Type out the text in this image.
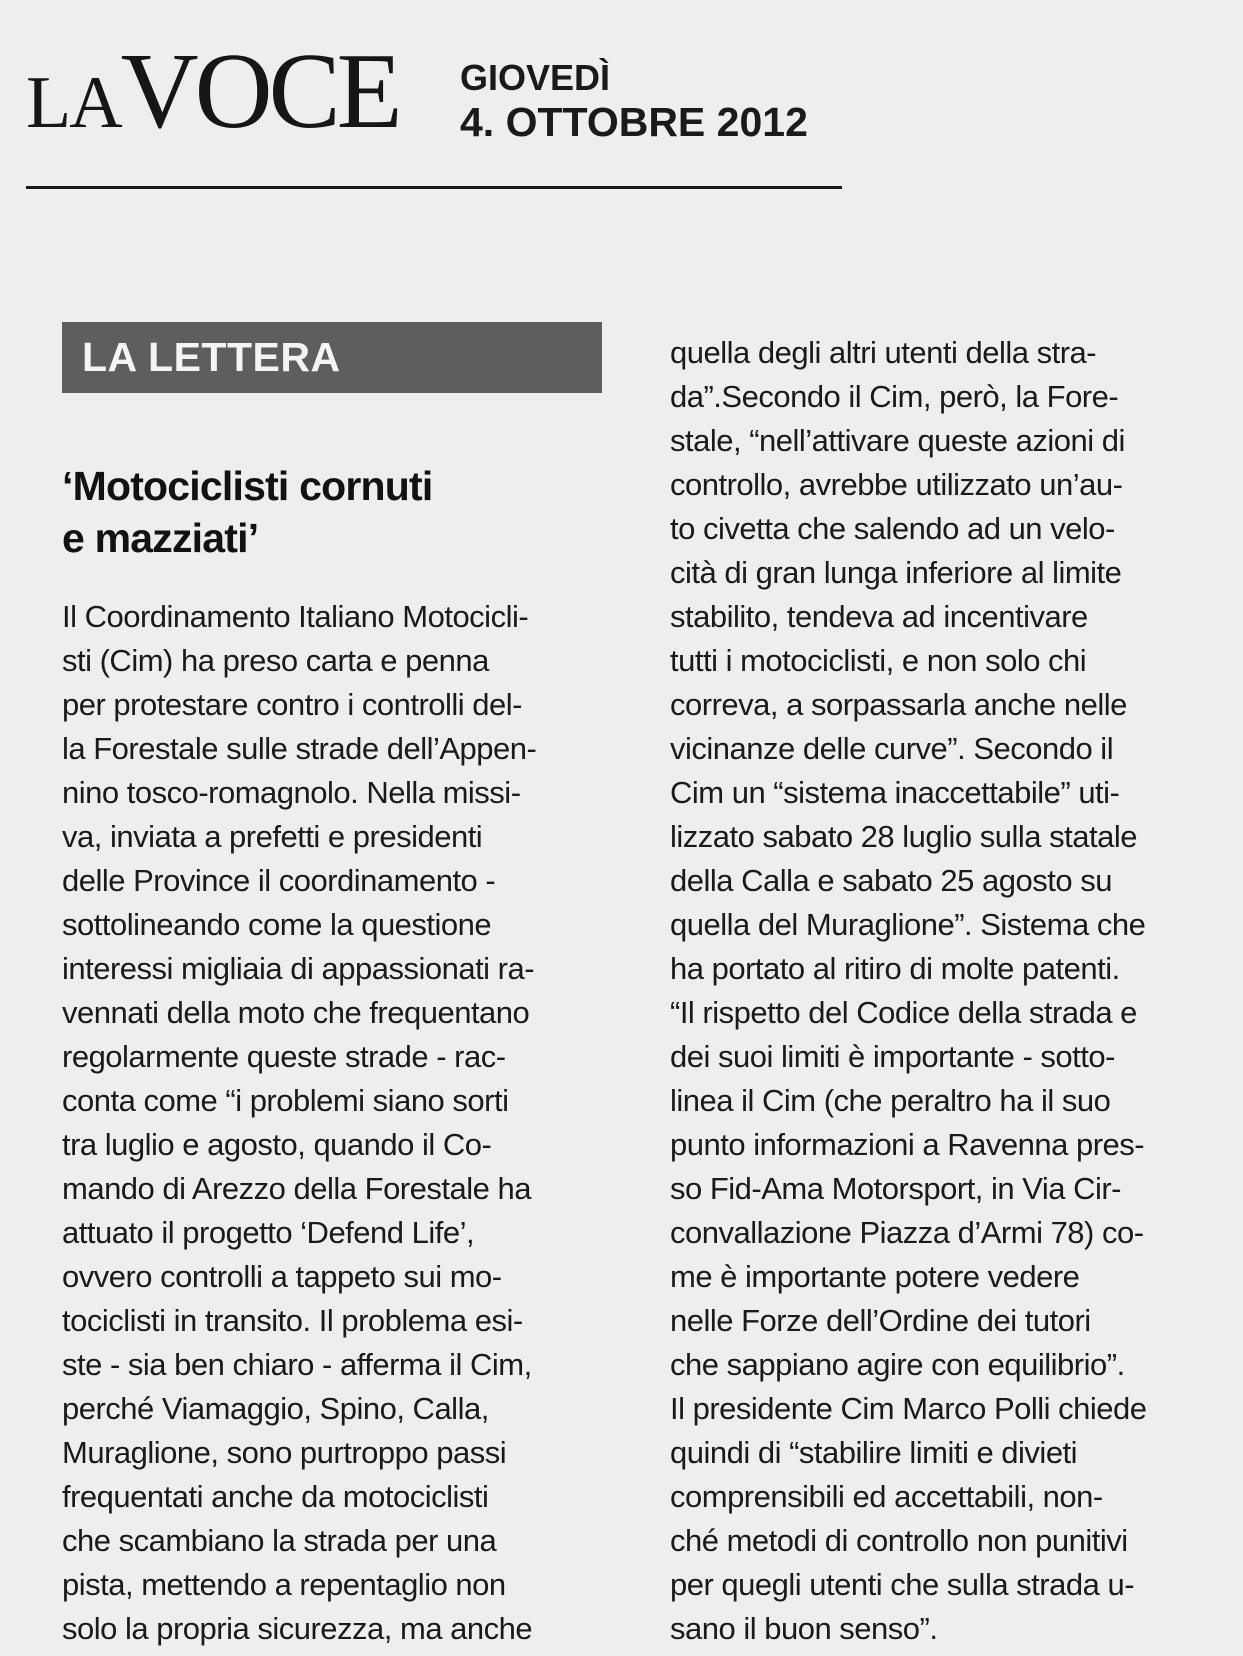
LAVOCE GIOVEDÌ
4. OTTOBRE 2012
LA LETTERA
‘Motociclisti cornuti
e mazziati’
Il Coordinamento Italiano Motocicli-
sti (Cim) ha preso carta e penna
per protestare contro i controlli del-
la Forestale sulle strade dell’Appen-
nino tosco-romagnolo. Nella missi-
va, inviata a prefetti e presidenti
delle Province il coordinamento -
sottolineando come la questione
interessi migliaia di appassionati ra-
vennati della moto che frequentano
regolarmente queste strade - rac-
conta come “i problemi siano sorti
tra luglio e agosto, quando il Co-
mando di Arezzo della Forestale ha
attuato il progetto ‘Defend Life’,
ovvero controlli a tappeto sui mo-
tociclisti in transito. Il problema esi-
ste - sia ben chiaro - afferma il Cim,
perché Viamaggio, Spino, Calla,
Muraglione, sono purtroppo passi
frequentati anche da motociclisti
che scambiano la strada per una
pista, mettendo a repentaglio non
solo la propria sicurezza, ma anche
quella degli altri utenti della stra-
da”.Secondo il Cim, però, la Fore-
stale, “nell’attivare queste azioni di
controllo, avrebbe utilizzato un’au-
to civetta che salendo ad un velo-
cità di gran lunga inferiore al limite
stabilito, tendeva ad incentivare
tutti i motociclisti, e non solo chi
correva, a sorpassarla anche nelle
vicinanze delle curve”. Secondo il
Cim un “sistema inaccettabile” uti-
lizzato sabato 28 luglio sulla statale
della Calla e sabato 25 agosto su
quella del Muraglione”. Sistema che
ha portato al ritiro di molte patenti.
“Il rispetto del Codice della strada e
dei suoi limiti è importante - sotto-
linea il Cim (che peraltro ha il suo
punto informazioni a Ravenna pres-
so Fid-Ama Motorsport, in Via Cir-
convallazione Piazza d’Armi 78) co-
me è importante potere vedere
nelle Forze dell’Ordine dei tutori
che sappiano agire con equilibrio”.
Il presidente Cim Marco Polli chiede
quindi di “stabilire limiti e divieti
comprensibili ed accettabili, non-
ché metodi di controllo non punitivi
per quegli utenti che sulla strada u-
sano il buon senso”.
